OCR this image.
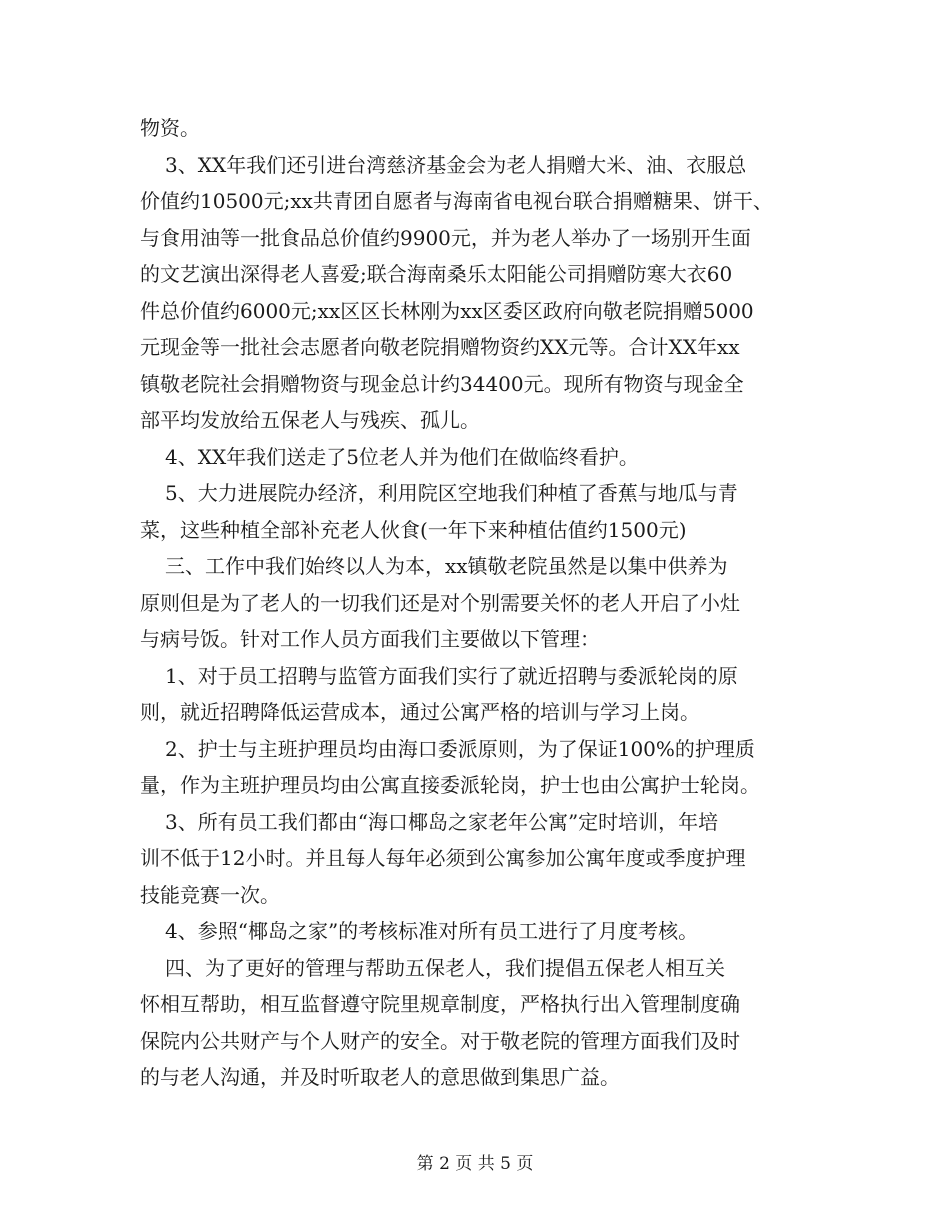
物资。
3、XX年我们还引进台湾慈济基金会为老人捐赠大米、油、衣服总
价值约10500元;xx共青团自愿者与海南省电视台联合捐赠糖果、饼干、
与食用油等一批食品总价值约9900元，并为老人举办了一场别开生面
的文艺演出深得老人喜爱;联合海南桑乐太阳能公司捐赠防寒大衣60
件总价值约6000元;xx区区长林刚为xx区委区政府向敬老院捐赠5000
元现金等一批社会志愿者向敬老院捐赠物资约XX元等。合计XX年xx
镇敬老院社会捐赠物资与现金总计约34400元。现所有物资与现金全
部平均发放给五保老人与残疾、孤儿。
4、XX年我们送走了5位老人并为他们在做临终看护。
5、大力进展院办经济，利用院区空地我们种植了香蕉与地瓜与青
菜，这些种植全部补充老人伙食(一年下来种植估值约1500元)
三、工作中我们始终以人为本，xx镇敬老院虽然是以集中供养为
原则但是为了老人的一切我们还是对个别需要关怀的老人开启了小灶
与病号饭。针对工作人员方面我们主要做以下管理：
1、对于员工招聘与监管方面我们实行了就近招聘与委派轮岗的原
则，就近招聘降低运营成本，通过公寓严格的培训与学习上岗。
2、护士与主班护理员均由海口委派原则，为了保证100%的护理质
量，作为主班护理员均由公寓直接委派轮岗，护士也由公寓护士轮岗。
3、所有员工我们都由“海口椰岛之家老年公寓”定时培训，年培
训不低于12小时。并且每人每年必须到公寓参加公寓年度或季度护理
技能竞赛一次。
4、参照“椰岛之家”的考核标准对所有员工进行了月度考核。
四、为了更好的管理与帮助五保老人，我们提倡五保老人相互关
怀相互帮助，相互监督遵守院里规章制度，严格执行出入管理制度确
保院内公共财产与个人财产的安全。对于敬老院的管理方面我们及时
的与老人沟通，并及时听取老人的意思做到集思广益。
第 2 页 共 5 页
